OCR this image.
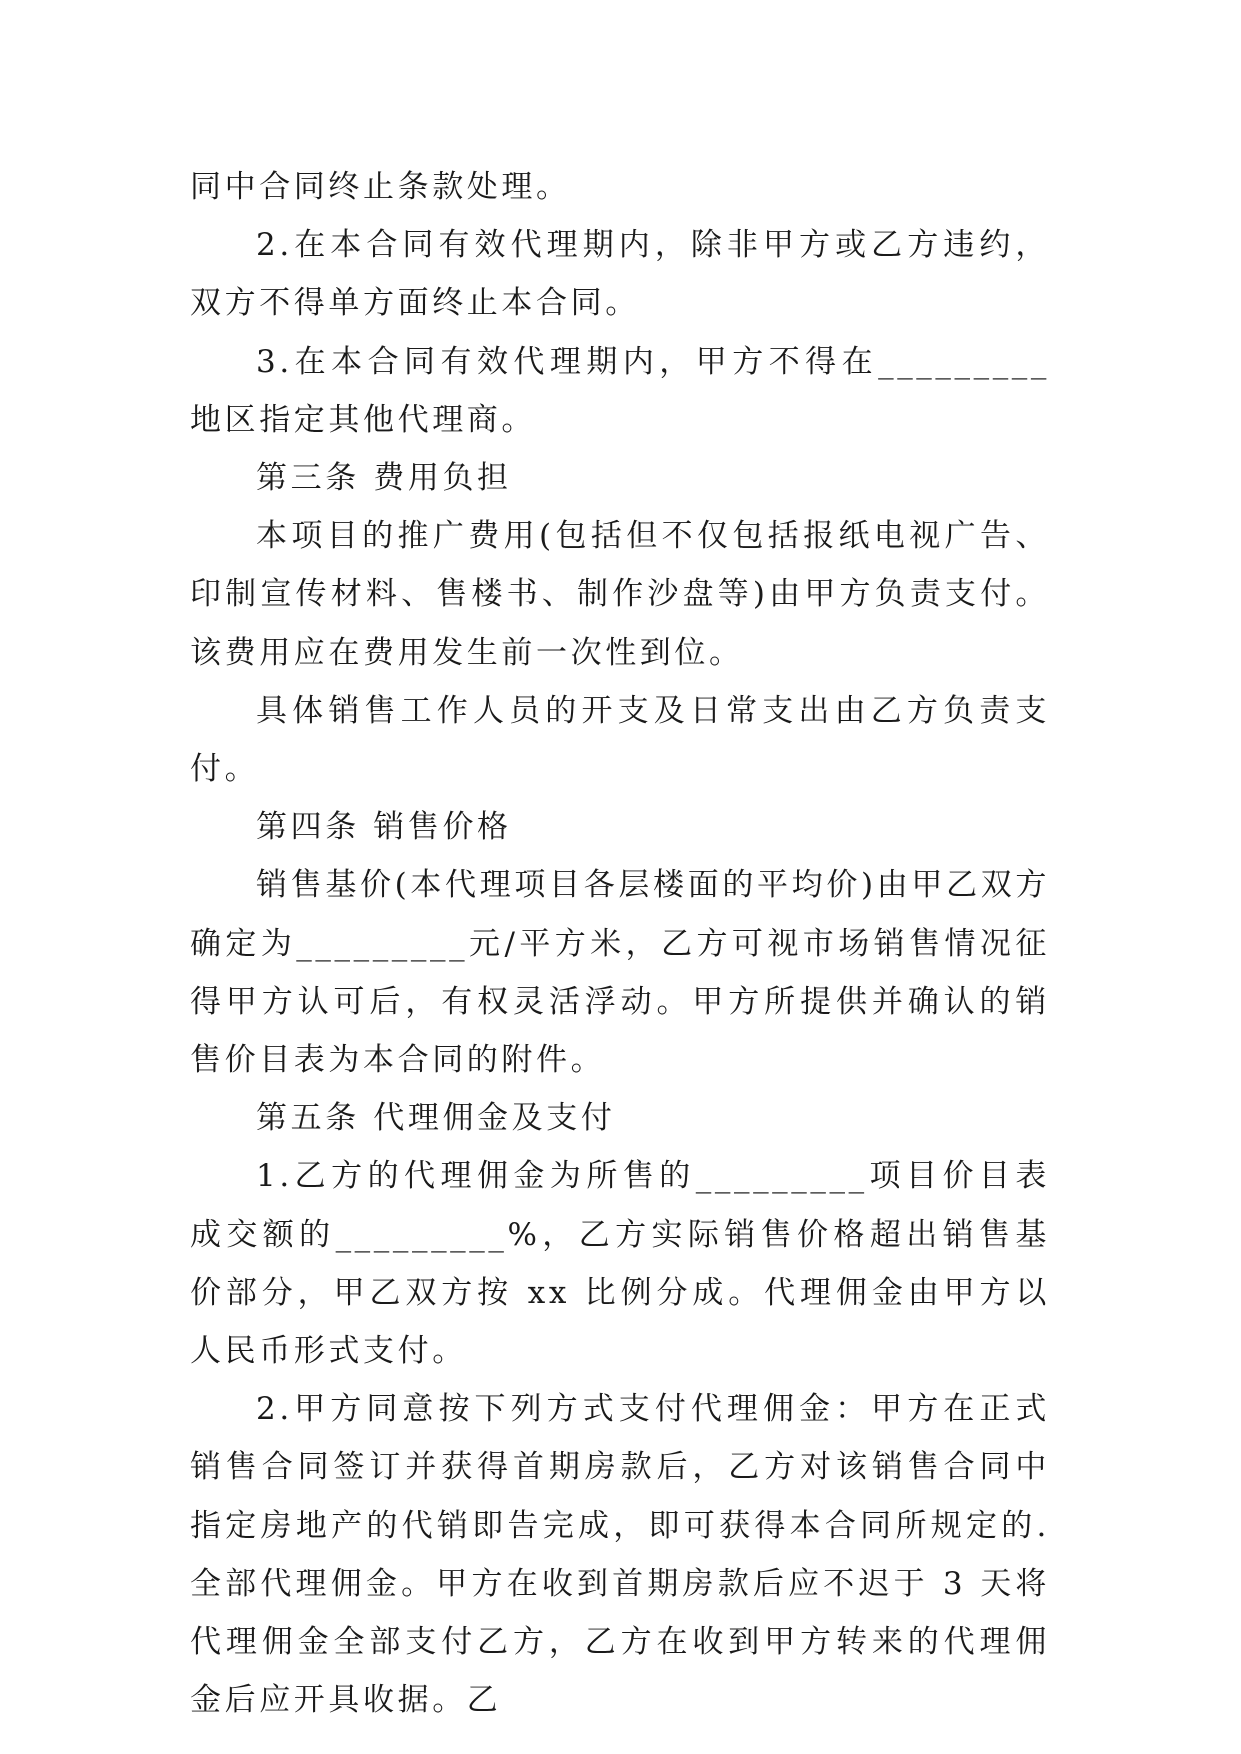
同中合同终止条款处理。

2.在本合同有效代理期内，除非甲方或乙方违约，双方不得单方面终止本合同。

3.在本合同有效代理期内，甲方不得在_________地区指定其他代理商。

第三条 费用负担

本项目的推广费用(包括但不仅包括报纸电视广告、印制宣传材料、售楼书、制作沙盘等)由甲方负责支付。该费用应在费用发生前一次性到位。

具体销售工作人员的开支及日常支出由乙方负责支付。

第四条 销售价格

销售基价(本代理项目各层楼面的平均价)由甲乙双方确定为_________元/平方米，乙方可视市场销售情况征得甲方认可后，有权灵活浮动。甲方所提供并确认的销售价目表为本合同的附件。

第五条 代理佣金及支付

1.乙方的代理佣金为所售的_________项目价目表成交额的_________%，乙方实际销售价格超出销售基价部分，甲乙双方按 xx 比例分成。代理佣金由甲方以人民币形式支付。

2.甲方同意按下列方式支付代理佣金：甲方在正式销售合同签订并获得首期房款后，乙方对该销售合同中指定房地产的代销即告完成，即可获得本合同所规定的.全部代理佣金。甲方在收到首期房款后应不迟于 3 天将代理佣金全部支付乙方，乙方在收到甲方转来的代理佣金后应开具收据。乙
